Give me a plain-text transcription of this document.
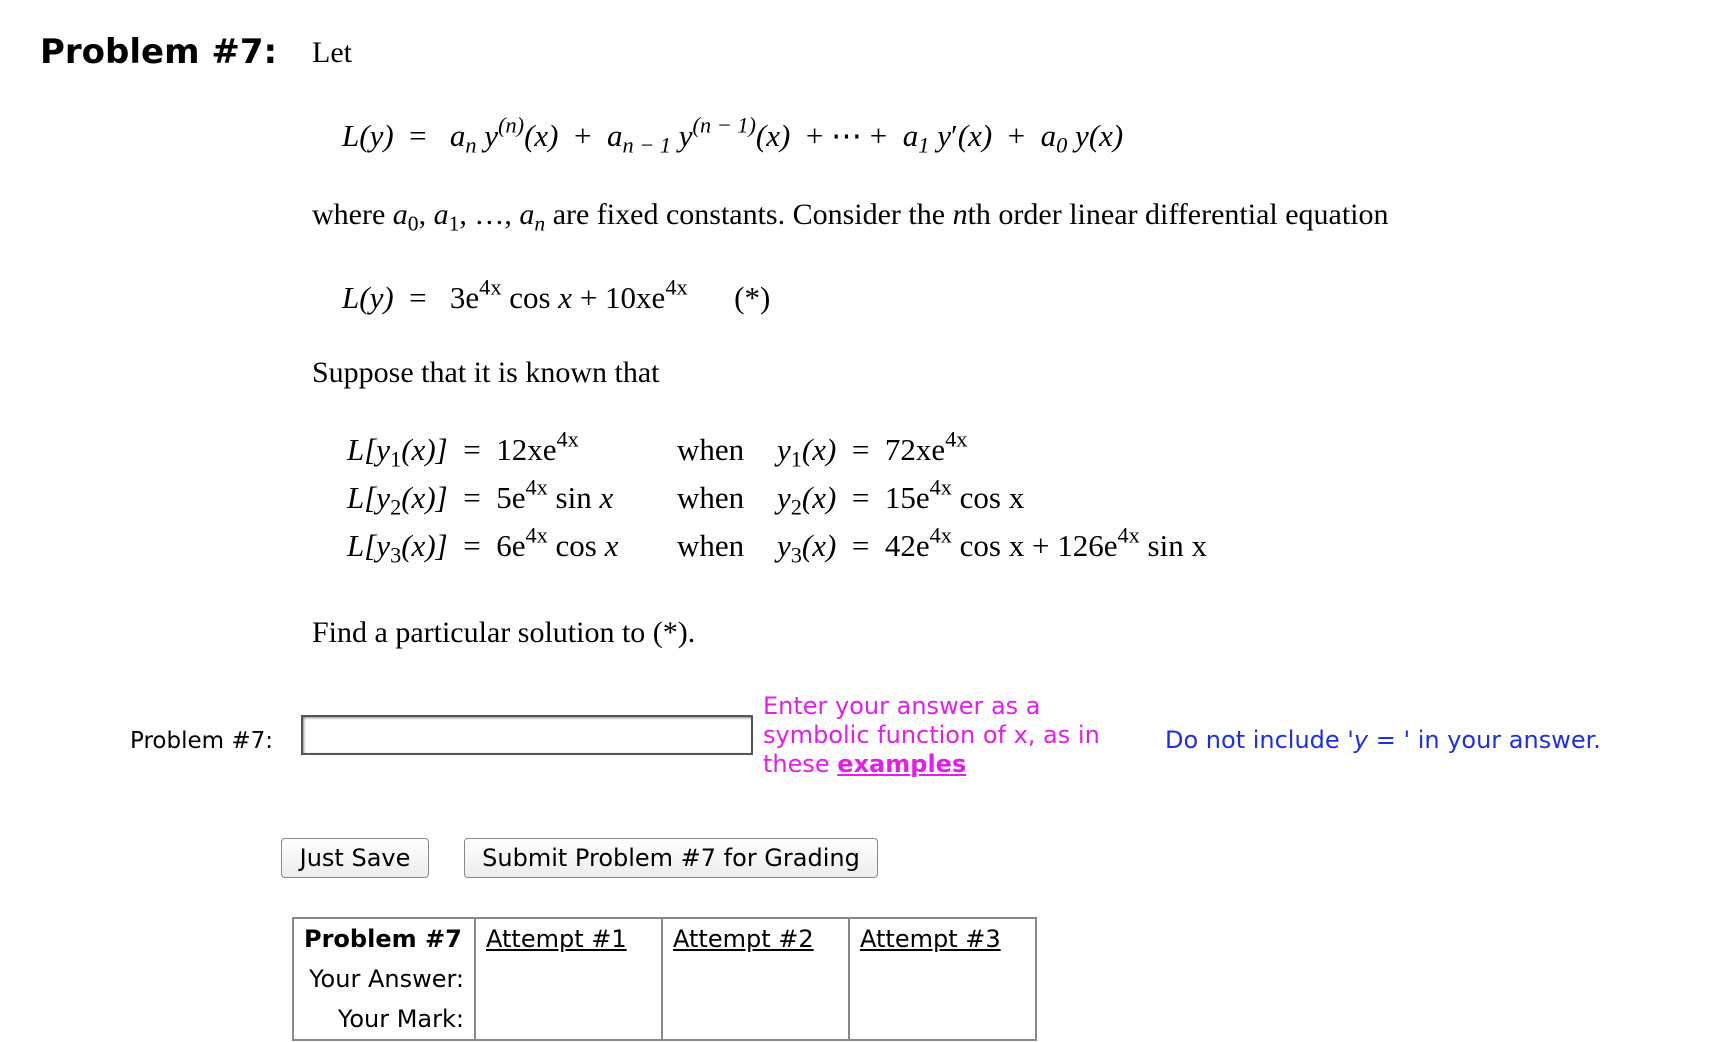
Problem #7: Let
$L(y) = a_n$ $y^{(n)}(x) + a_{n - 1}$ $y^{(n - 1)}(x)$ + ⋯ + $a_1$ $y'(x) + a_0$ y(x)
where $a_0$, $a_1$, …, $a_n$ are fixed constants. Consider the nth order linear differential equation
$L(y) = 3e^{4x}$ $\cos x + 10xe^{4x}$ (*)
Suppose that it is known that
$L[y_1(x)] = 12xe^{4x}$	when	$y_1(x) = 72xe^{4x}$
$L[y_2(x)] = 5e^{4x}$ sin x	when	$y_2(x) = 15e^{4x}$ cos x
$L[y_3(x)] = 6e^{4x}$ cos x	when	$y_3(x) = 42e^{4x}$ $\cos x + 126e^{4x}$ sin x
Find a particular solution to (*).
Problem #7:
Enter your answer as a
symbolic function of x, as in
these examples
Do not include 'y = ' in your answer.
Just Save	Submit Problem #7 for Grading
Problem #7	Attempt #1	Attempt #2	Attempt #3
Your Answer:			
Your Mark:			
